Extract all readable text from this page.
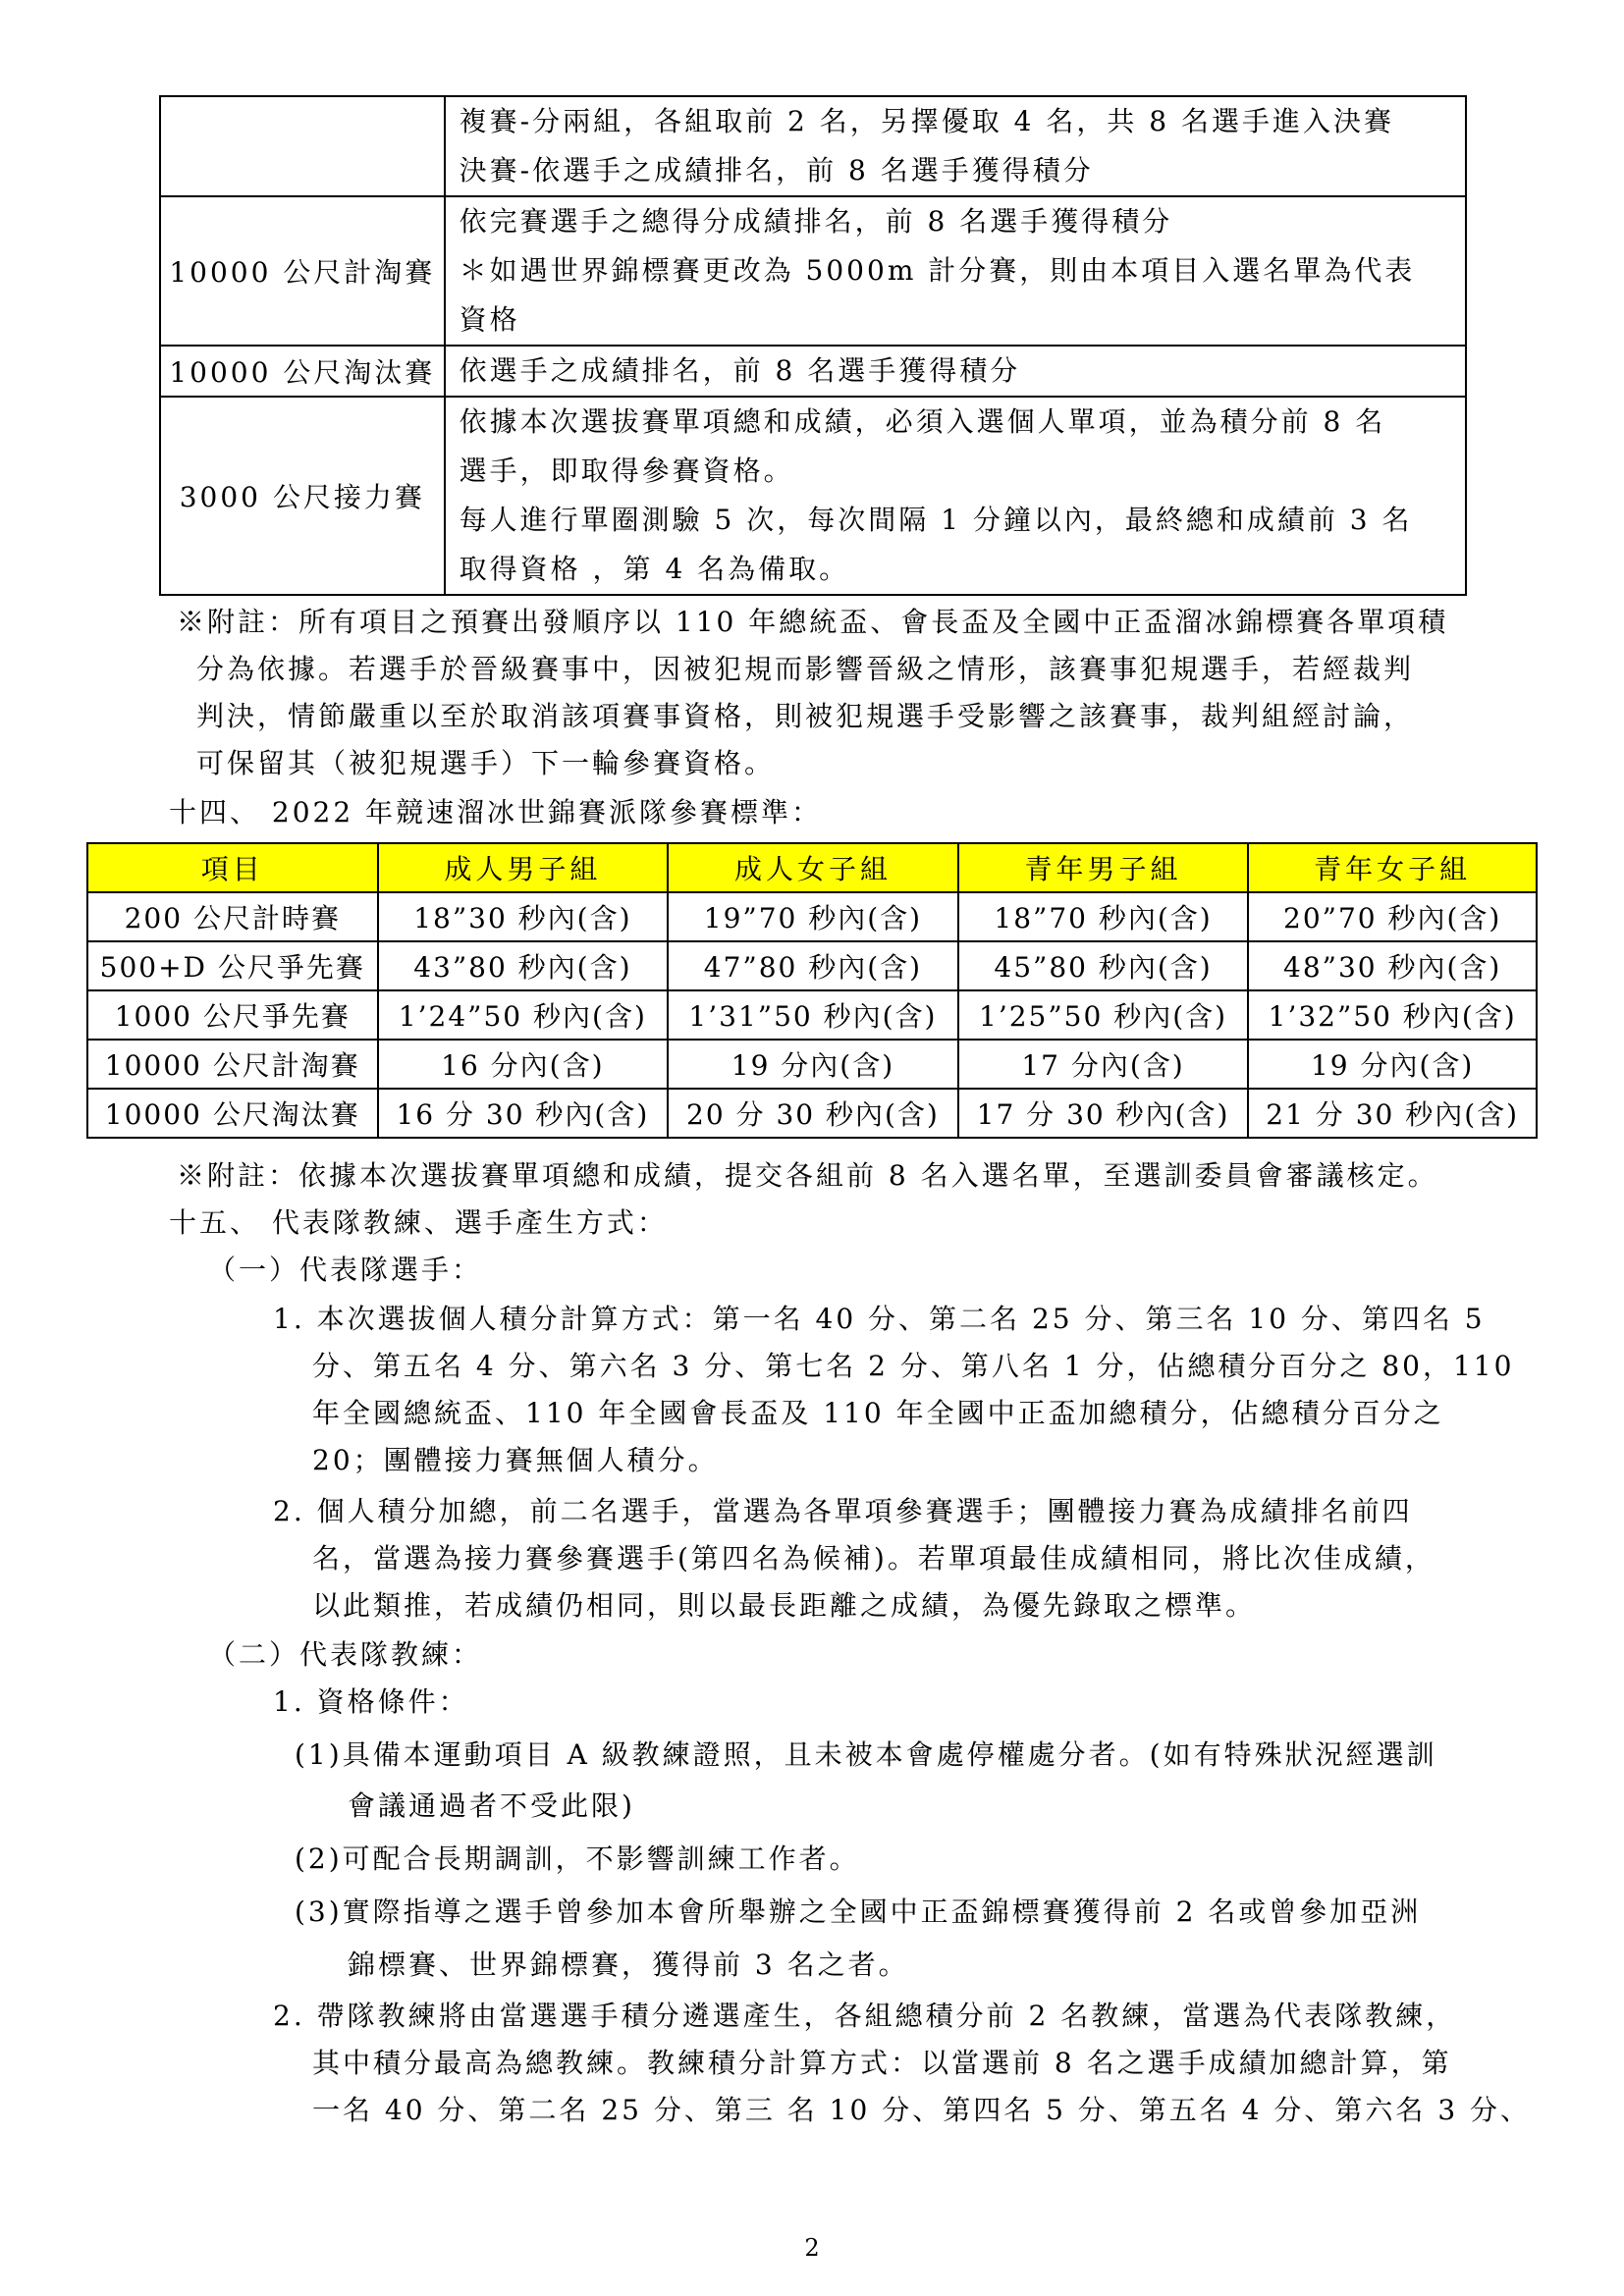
	複賽-分兩組，各組取前 2 名，另擇優取 4 名，共 8 名選手進入決賽
決賽-依選手之成績排名，前 8 名選手獲得積分

10000 公尺計淘賽	依完賽選手之總得分成績排名，前 8 名選手獲得積分
＊如遇世界錦標賽更改為 5000m 計分賽，則由本項目入選名單為代表
資格

10000 公尺淘汰賽	依選手之成績排名，前 8 名選手獲得積分

3000 公尺接力賽	依據本次選拔賽單項總和成績，必須入選個人單項，並為積分前 8 名
選手，即取得參賽資格。
每人進行單圈測驗 5 次，每次間隔 1 分鐘以內，最終總和成績前 3 名
取得資格 ，第 4 名為備取。
※附註：所有項目之預賽出發順序以 110 年總統盃、會長盃及全國中正盃溜冰錦標賽各單項積
分為依據。若選手於晉級賽事中，因被犯規而影響晉級之情形，該賽事犯規選手，若經裁判
判決，情節嚴重以至於取消該項賽事資格，則被犯規選手受影響之該賽事，裁判組經討論，
可保留其（被犯規選手）下一輪參賽資格。
十四、 2022 年競速溜冰世錦賽派隊參賽標準：
項目	成人男子組	成人女子組	青年男子組	青年女子組
200 公尺計時賽	18”30 秒內(含)	19”70 秒內(含)	18”70 秒內(含)	20”70 秒內(含)
500+D 公尺爭先賽	43”80 秒內(含)	47”80 秒內(含)	45”80 秒內(含)	48”30 秒內(含)
1000 公尺爭先賽	1’24”50 秒內(含)	1’31”50 秒內(含)	1’25”50 秒內(含)	1’32”50 秒內(含)
10000 公尺計淘賽	16 分內(含)	19 分內(含)	17 分內(含)	19 分內(含)
10000 公尺淘汰賽	16 分 30 秒內(含)	20 分 30 秒內(含)	17 分 30 秒內(含)	21 分 30 秒內(含)
※附註：依據本次選拔賽單項總和成績，提交各組前 8 名入選名單，至選訓委員會審議核定。
十五、 代表隊教練、選手產生方式：
（一）代表隊選手：
1. 本次選拔個人積分計算方式：第一名 40 分、第二名 25 分、第三名 10 分、第四名 5
分、第五名 4 分、第六名 3 分、第七名 2 分、第八名 1 分，佔總積分百分之 80，110
年全國總統盃、110 年全國會長盃及 110 年全國中正盃加總積分，佔總積分百分之
20；團體接力賽無個人積分。
2. 個人積分加總，前二名選手，當選為各單項參賽選手；團體接力賽為成績排名前四
名，當選為接力賽參賽選手(第四名為候補)。若單項最佳成績相同，將比次佳成績，
以此類推，若成績仍相同，則以最長距離之成績，為優先錄取之標準。
（二）代表隊教練：
1. 資格條件：
(1)具備本運動項目 A 級教練證照，且未被本會處停權處分者。(如有特殊狀況經選訓
會議通過者不受此限)
(2)可配合長期調訓，不影響訓練工作者。
(3)實際指導之選手曾參加本會所舉辦之全國中正盃錦標賽獲得前 2 名或曾參加亞洲
錦標賽、世界錦標賽，獲得前 3 名之者。
2. 帶隊教練將由當選選手積分遴選產生，各組總積分前 2 名教練，當選為代表隊教練，
其中積分最高為總教練。教練積分計算方式：以當選前 8 名之選手成績加總計算，第
一名 40 分、第二名 25 分、第三 名 10 分、第四名 5 分、第五名 4 分、第六名 3 分、
2
